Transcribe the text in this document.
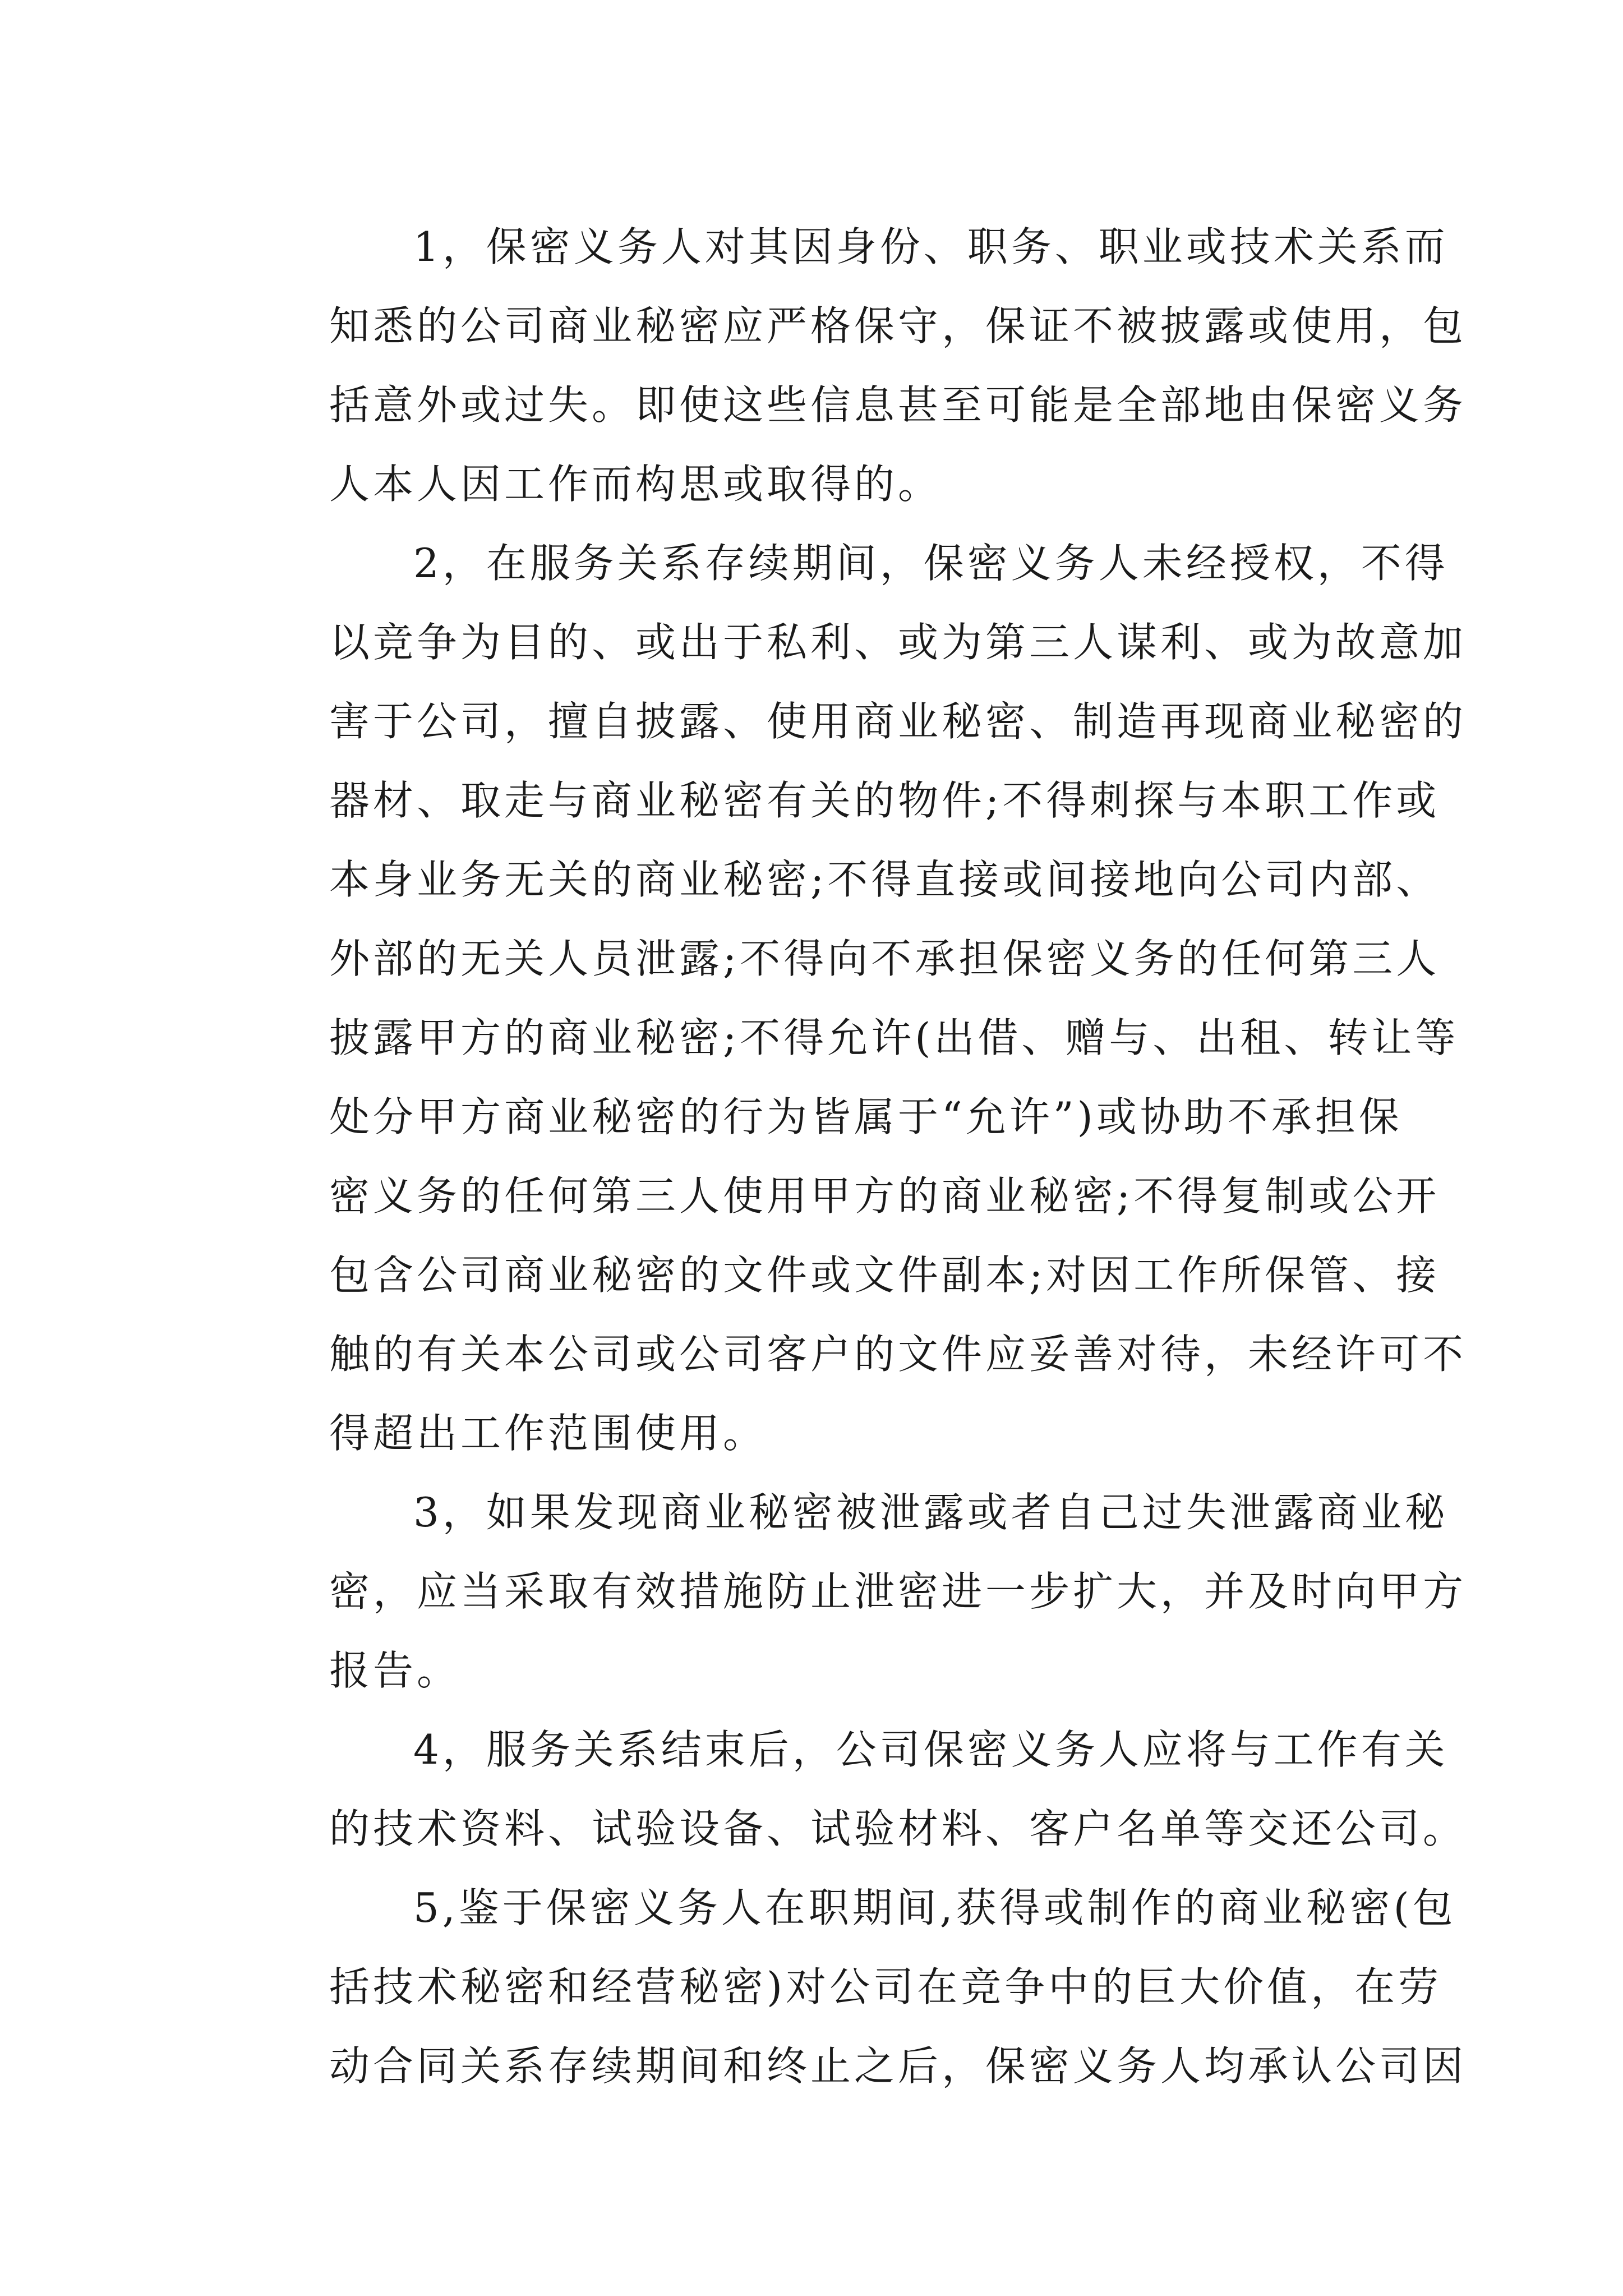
1，保密义务人对其因身份、职务、职业或技术关系而
知悉的公司商业秘密应严格保守，保证不被披露或使用，包
括意外或过失。即使这些信息甚至可能是全部地由保密义务
人本人因工作而构思或取得的。
2，在服务关系存续期间，保密义务人未经授权，不得
以竞争为目的、或出于私利、或为第三人谋利、或为故意加
害于公司，擅自披露、使用商业秘密、制造再现商业秘密的
器材、取走与商业秘密有关的物件;不得刺探与本职工作或
本身业务无关的商业秘密;不得直接或间接地向公司内部、
外部的无关人员泄露;不得向不承担保密义务的任何第三人
披露甲方的商业秘密;不得允许(出借、赠与、出租、转让等
处分甲方商业秘密的行为皆属于“允许”)或协助不承担保
密义务的任何第三人使用甲方的商业秘密;不得复制或公开
包含公司商业秘密的文件或文件副本;对因工作所保管、接
触的有关本公司或公司客户的文件应妥善对待，未经许可不
得超出工作范围使用。
3，如果发现商业秘密被泄露或者自己过失泄露商业秘
密，应当采取有效措施防止泄密进一步扩大，并及时向甲方
报告。
4，服务关系结束后，公司保密义务人应将与工作有关
的技术资料、试验设备、试验材料、客户名单等交还公司。
5,鉴于保密义务人在职期间,获得或制作的商业秘密(包
括技术秘密和经营秘密)对公司在竞争中的巨大价值，在劳
动合同关系存续期间和终止之后，保密义务人均承认公司因
